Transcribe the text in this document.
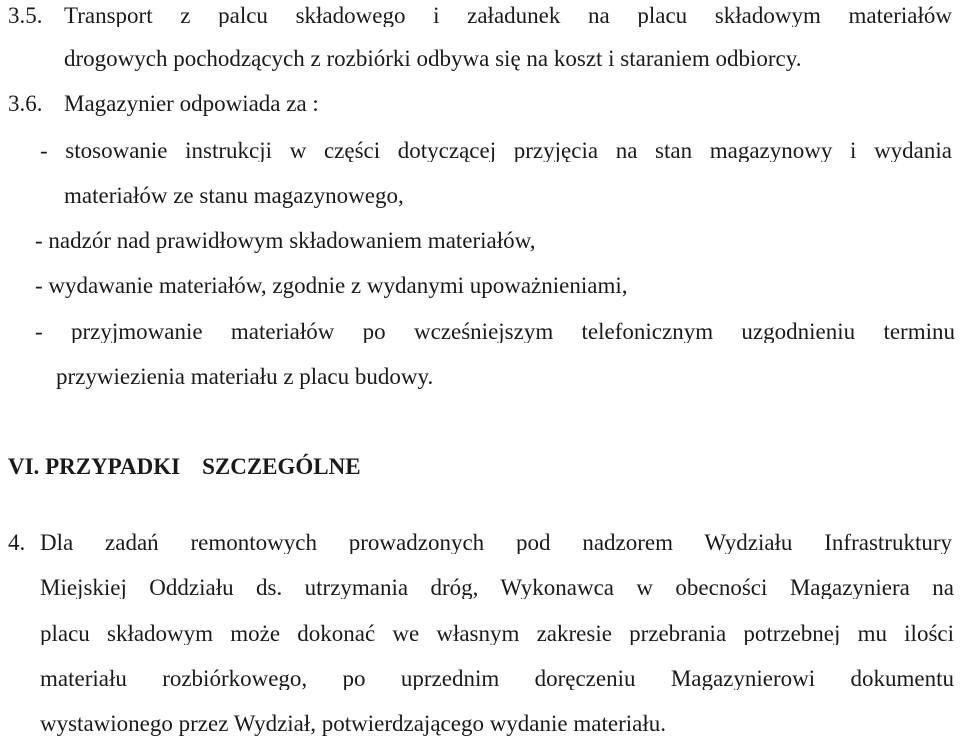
3.5. Transport z palcu składowego i załadunek na placu składowym materiałów

drogowych pochodzących z rozbiórki odbywa się na koszt i staraniem odbiorcy.

3.6. Magazynier odpowiada za :

- stosowanie instrukcji w części dotyczącej przyjęcia na stan magazynowy i wydania

materiałów ze stanu magazynowego,

- nadzór nad prawidłowym składowaniem materiałów,

- wydawanie materiałów, zgodnie z wydanymi upoważnieniami,

- przyjmowanie materiałów po wcześniejszym telefonicznym uzgodnieniu terminu

przywiezienia materiału z placu budowy.

VI. PRZYPADKI SZCZEGÓLNE
4. Dla zadań remontowych prowadzonych pod nadzorem Wydziału Infrastruktury

Miejskiej Oddziału ds. utrzymania dróg, Wykonawca w obecności Magazyniera na

placu składowym może dokonać we własnym zakresie przebrania potrzebnej mu ilości

materiału rozbiórkowego, po uprzednim doręczeniu Magazynierowi dokumentu

wystawionego przez Wydział, potwierdzającego wydanie materiału.
